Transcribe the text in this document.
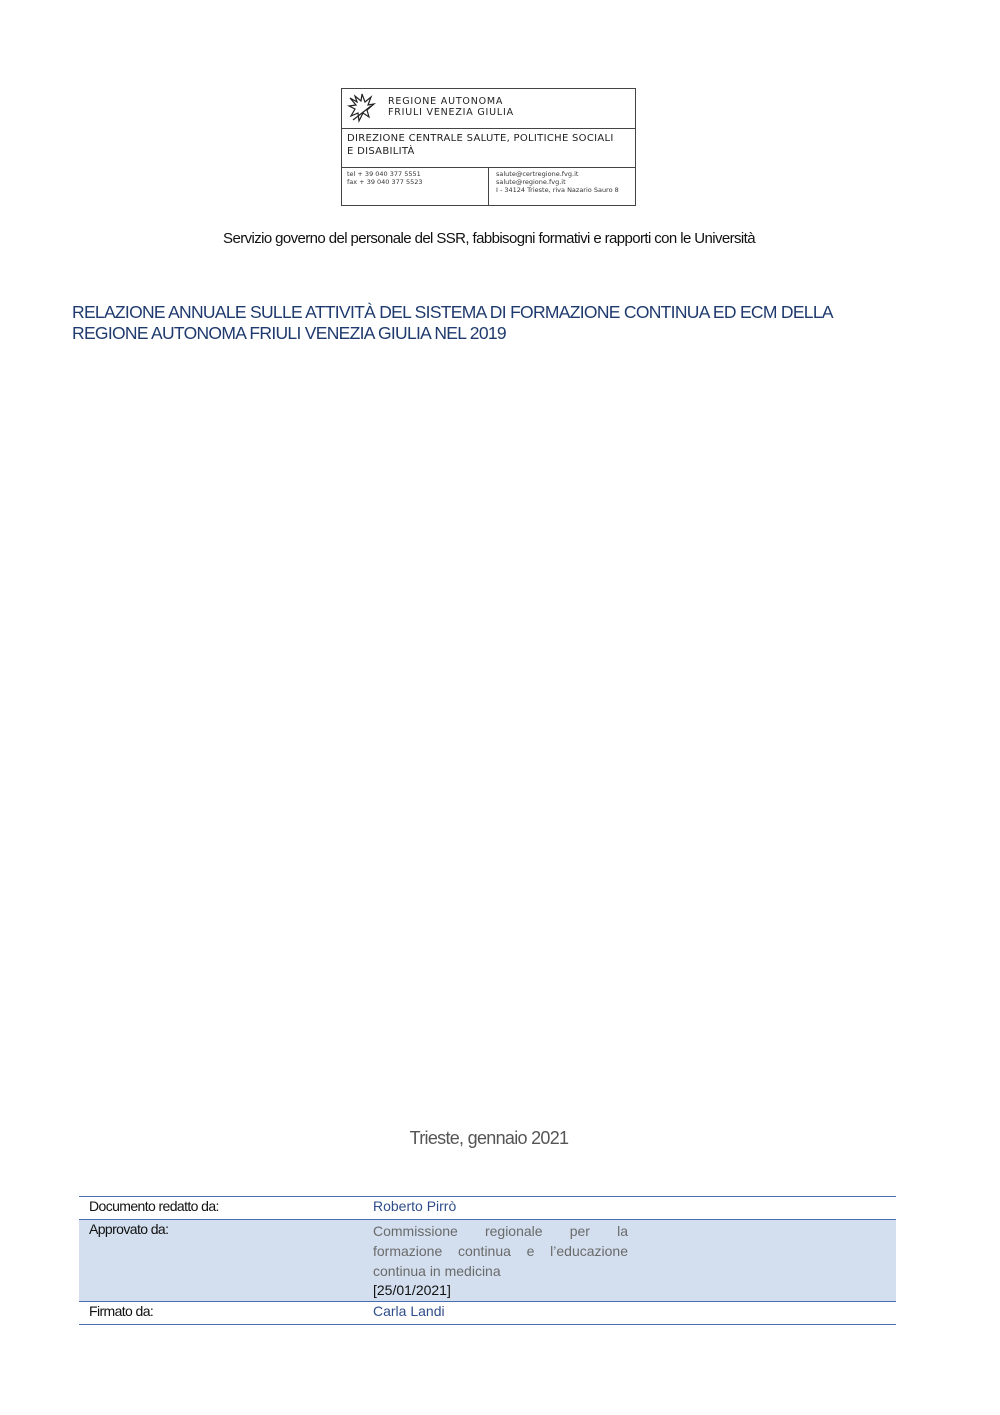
REGIONE AUTONOMA
FRIULI VENEZIA GIULIA
DIREZIONE CENTRALE SALUTE, POLITICHE SOCIALI
E DISABILITÀ
tel + 39 040 377 5551
fax + 39 040 377 5523
salute@certregione.fvg.it
salute@regione.fvg.it
I - 34124 Trieste, riva Nazario Sauro 8
Servizio governo del personale del SSR, fabbisogni formativi e rapporti con le Università
RELAZIONE ANNUALE SULLE ATTIVITÀ DEL SISTEMA DI FORMAZIONE CONTINUA ED ECM DELLA
REGIONE AUTONOMA FRIULI VENEZIA GIULIA NEL 2019
Trieste, gennaio 2021
Documento redatto da:	Roberto Pirrò
Approvato da:	Commissione regionale per la formazione continua e l’educazione continua in medicina
[25/01/2021]

Firmato da:	Carla Landi
